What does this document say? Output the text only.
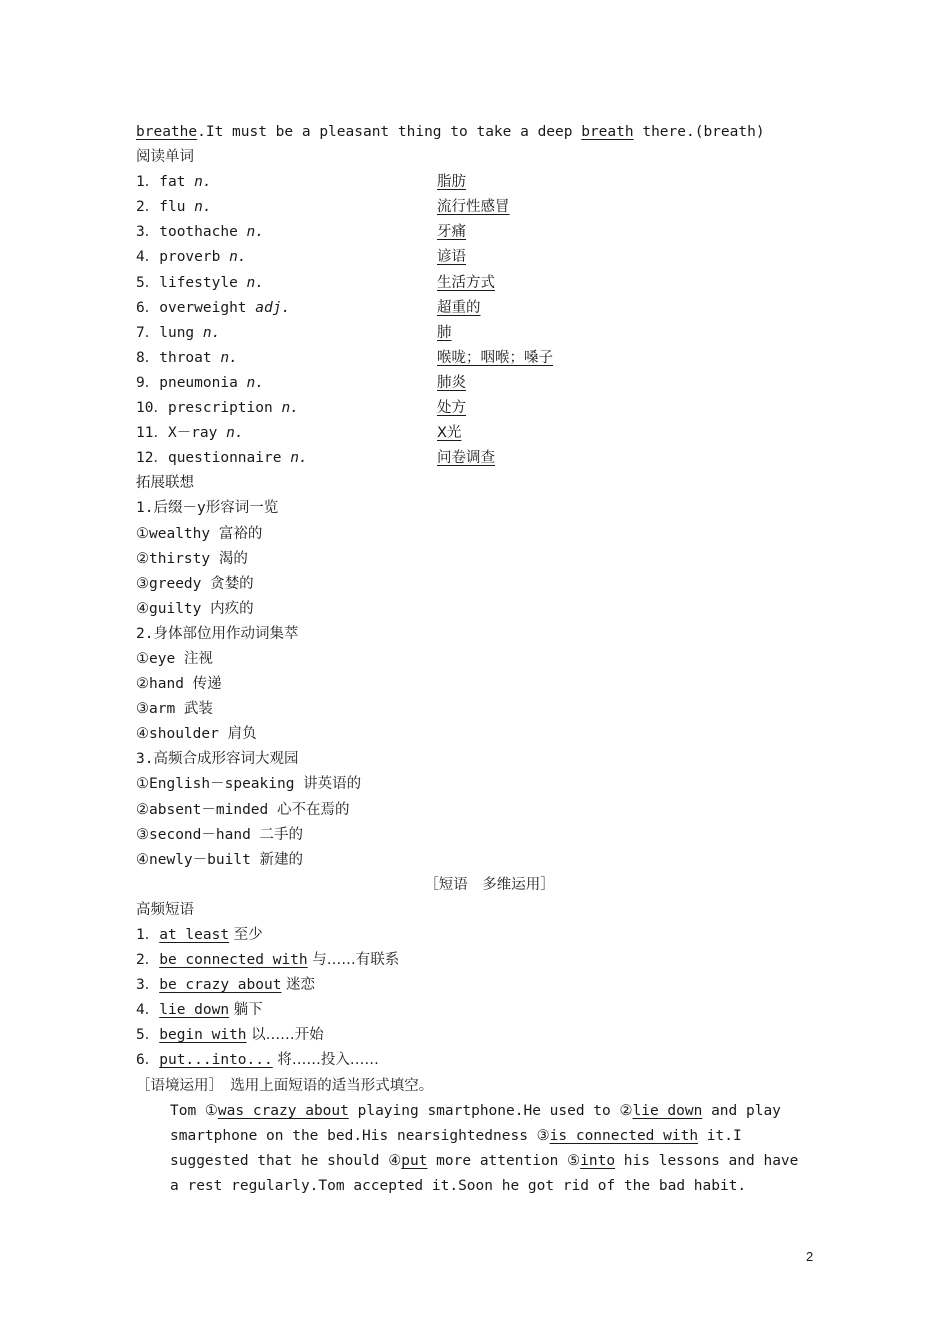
breathe.It must be a pleasant thing to take a deep breath there.(breath)
阅读单词
1．fat n.	脂肪
2．flu n.	流行性感冒
3．toothache n.	牙痛
4．proverb n.	谚语
5．lifestyle n.	生活方式
6．overweight adj.	超重的
7．lung n.	肺
8．throat n.	喉咙；咽喉；嗓子
9．pneumonia n.	肺炎
10．prescription n.	处方
11．X－ray n.	X光
12．questionnaire n.	问卷调查
拓展联想
1.后缀－y形容词一览
①wealthy 富裕的
②thirsty 渴的
③greedy 贪婪的
④guilty 内疚的
2.身体部位用作动词集萃
①eye 注视
②hand 传递
③arm 武装
④shoulder 肩负
3.高频合成形容词大观园
①English－speaking 讲英语的
②absent－minded 心不在焉的
③second－hand 二手的
④newly－built 新建的
［短语　多维运用］
高频短语
1．at least 至少
2．be connected with 与……有联系
3．be crazy about 迷恋
4．lie down 躺下
5．begin with 以……开始
6．put...into... 将……投入……
［语境运用］　选用上面短语的适当形式填空。
Tom ①was crazy about playing smartphone.He used to ②lie down and play smartphone on the bed.His nearsightedness ③is connected with it.I suggested that he should ④put more attention ⑤into his lessons and have a rest regularly.Tom accepted it.Soon he got rid of the bad habit.
2
